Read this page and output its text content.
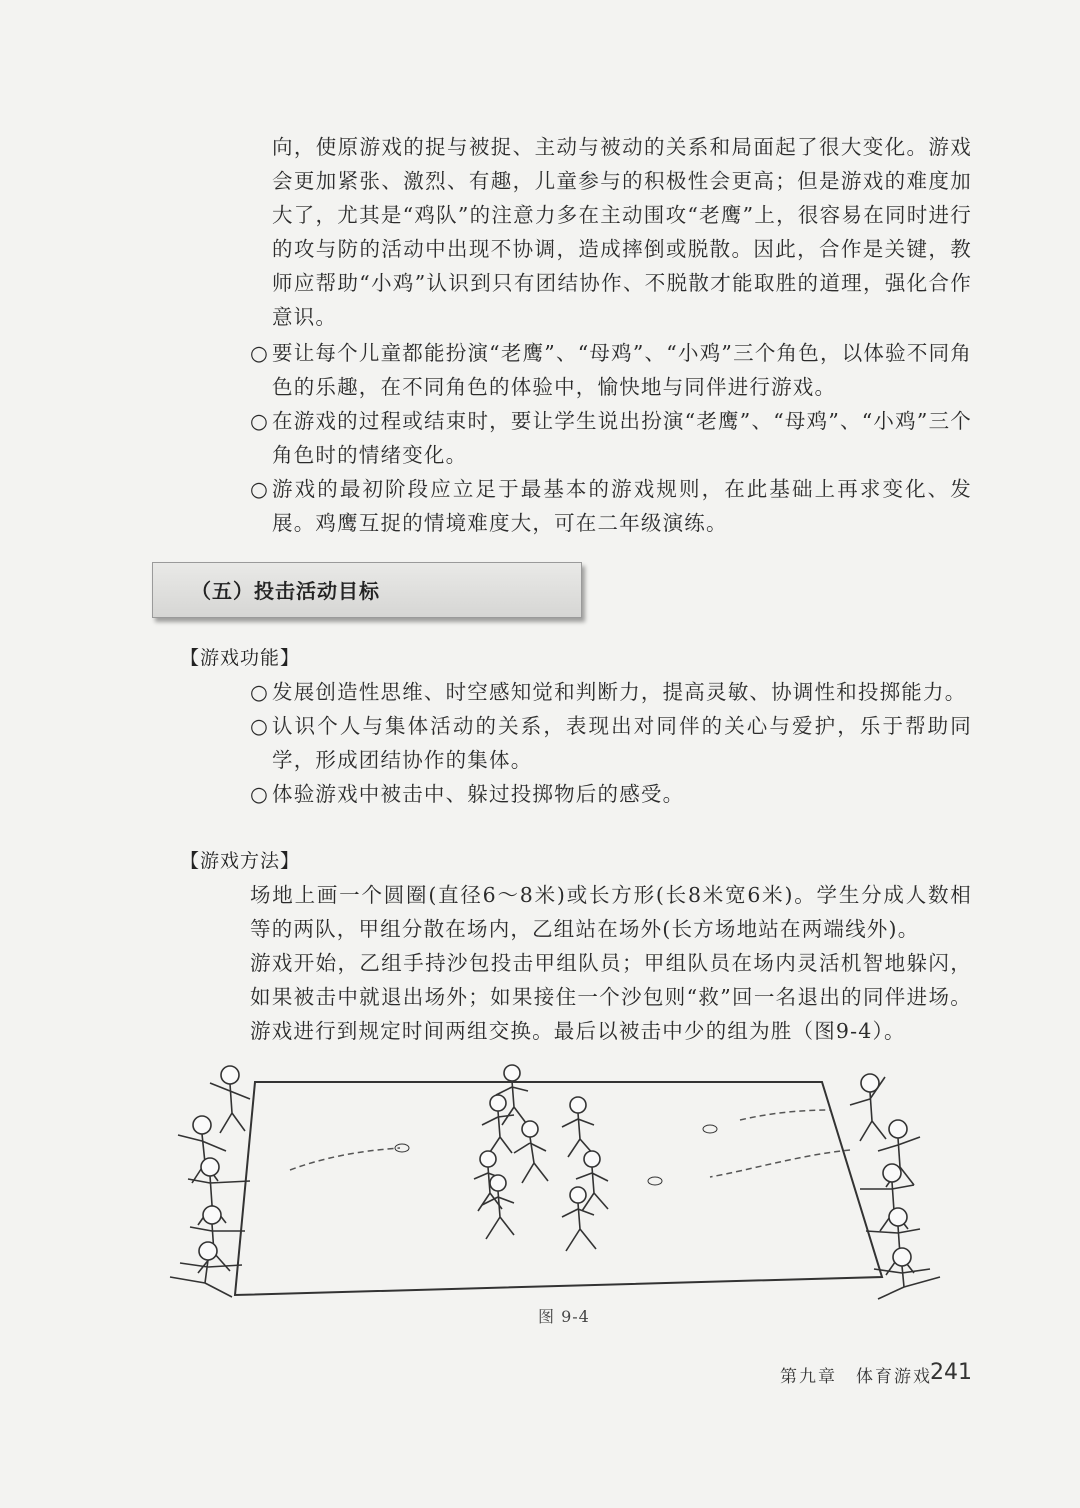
向，使原游戏的捉与被捉、主动与被动的关系和局面起了很大变化。游戏会更加紧张、激烈、有趣，儿童参与的积极性会更高；但是游戏的难度加大了，尤其是“鸡队”的注意力多在主动围攻“老鹰”上，很容易在同时进行的攻与防的活动中出现不协调，造成摔倒或脱散。因此，合作是关键，教师应帮助“小鸡”认识到只有团结协作、不脱散才能取胜的道理，强化合作意识。
○ 要让每个儿童都能扮演“老鹰”、“母鸡”、“小鸡”三个角色，以体验不同角色的乐趣，在不同角色的体验中，愉快地与同伴进行游戏。
○ 在游戏的过程或结束时，要让学生说出扮演“老鹰”、“母鸡”、“小鸡”三个角色时的情绪变化。
○ 游戏的最初阶段应立足于最基本的游戏规则，在此基础上再求变化、发展。鸡鹰互捉的情境难度大，可在二年级演练。
（五）投击活动目标
【游戏功能】
○ 发展创造性思维、时空感知觉和判断力，提高灵敏、协调性和投掷能力。
○ 认识个人与集体活动的关系，表现出对同伴的关心与爱护，乐于帮助同学，形成团结协作的集体。
○ 体验游戏中被击中、躲过投掷物后的感受。
【游戏方法】

场地上画一个圆圈(直径6～8米)或长方形(长8米宽6米)。学生分成人数相等的两队，甲组分散在场内，乙组站在场外(长方场地站在两端线外)。

游戏开始，乙组手持沙包投击甲组队员；甲组队员在场内灵活机智地躲闪，如果被击中就退出场外；如果接住一个沙包则“救”回一名退出的同伴进场。游戏进行到规定时间两组交换。最后以被击中少的组为胜（图9-4）。

图 9-4
第九章　体育游戏
241
